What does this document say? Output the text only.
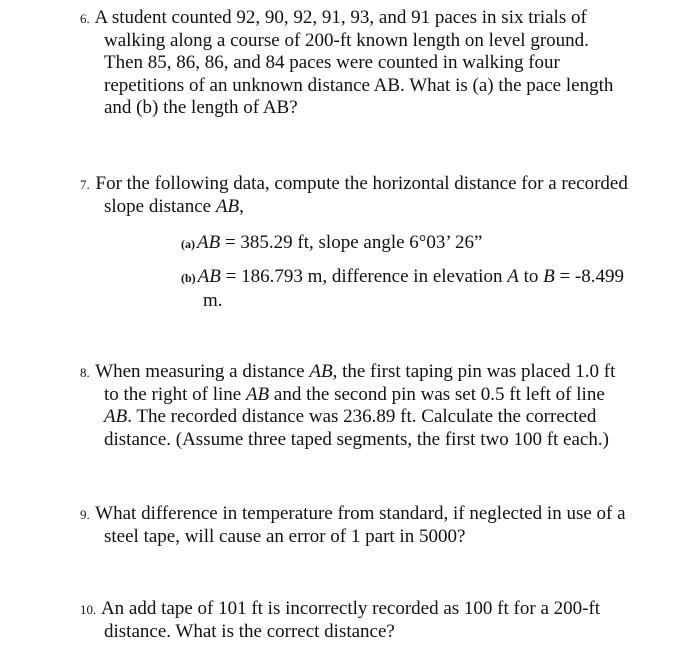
6. A student counted 92, 90, 92, 91, 93, and 91 paces in six trials of
walking along a course of 200-ft known length on level ground.
Then 85, 86, 86, and 84 paces were counted in walking four
repetitions of an unknown distance AB. What is (a) the pace length
and (b) the length of AB?
7. For the following data, compute the horizontal distance for a recorded
slope distance AB,
(a) AB = 385.29 ft, slope angle 6°03’ 26”
(b) AB = 186.793 m, difference in elevation A to B = -8.499
m.
8. When measuring a distance AB, the first taping pin was placed 1.0 ft
to the right of line AB and the second pin was set 0.5 ft left of line
AB. The recorded distance was 236.89 ft. Calculate the corrected
distance. (Assume three taped segments, the first two 100 ft each.)
9. What difference in temperature from standard, if neglected in use of a
steel tape, will cause an error of 1 part in 5000?
10. An add tape of 101 ft is incorrectly recorded as 100 ft for a 200-ft
distance. What is the correct distance?
